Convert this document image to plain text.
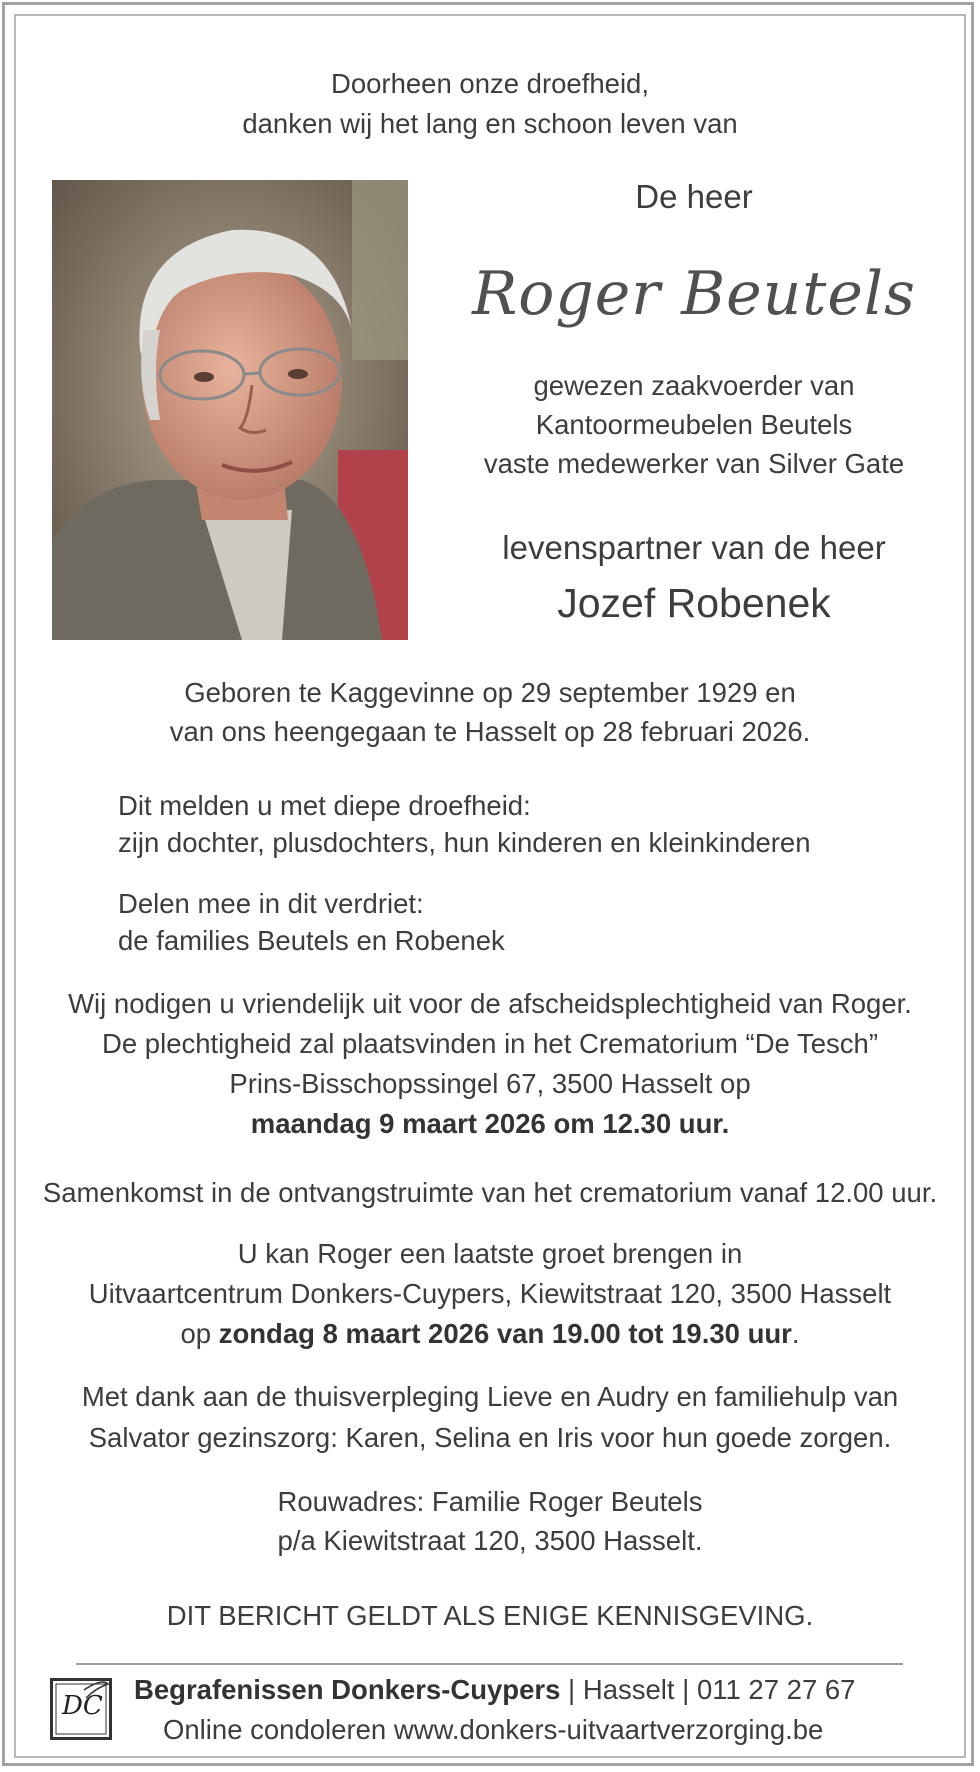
Doorheen onze droefheid,
danken wij het lang en schoon leven van
De heer
Roger Beutels
gewezen zaakvoerder van
Kantoormeubelen Beutels
vaste medewerker van Silver Gate
levenspartner van de heer
Jozef Robenek
Geboren te Kaggevinne op 29 september 1929 en
van ons heengegaan te Hasselt op 28 februari 2026.
Dit melden u met diepe droefheid:
zijn dochter, plusdochters, hun kinderen en kleinkinderen
Delen mee in dit verdriet:
de families Beutels en Robenek
Wij nodigen u vriendelijk uit voor de afscheidsplechtigheid van Roger.
De plechtigheid zal plaatsvinden in het Crematorium “De Tesch”
Prins-Bisschopssingel 67, 3500 Hasselt op
maandag 9 maart 2026 om 12.30 uur.
Samenkomst in de ontvangstruimte van het crematorium vanaf 12.00 uur.
U kan Roger een laatste groet brengen in
Uitvaartcentrum Donkers-Cuypers, Kiewitstraat 120, 3500 Hasselt
op zondag 8 maart 2026 van 19.00 tot 19.30 uur.
Met dank aan de thuisverpleging Lieve en Audry en familiehulp van
Salvator gezinszorg: Karen, Selina en Iris voor hun goede zorgen.
Rouwadres: Familie Roger Beutels
p/a Kiewitstraat 120, 3500 Hasselt.
DIT BERICHT GELDT ALS ENIGE KENNISGEVING.
DC
Begrafenissen Donkers-Cuypers | Hasselt | 011 27 27 67
Online condoleren www.donkers-uitvaartverzorging.be
